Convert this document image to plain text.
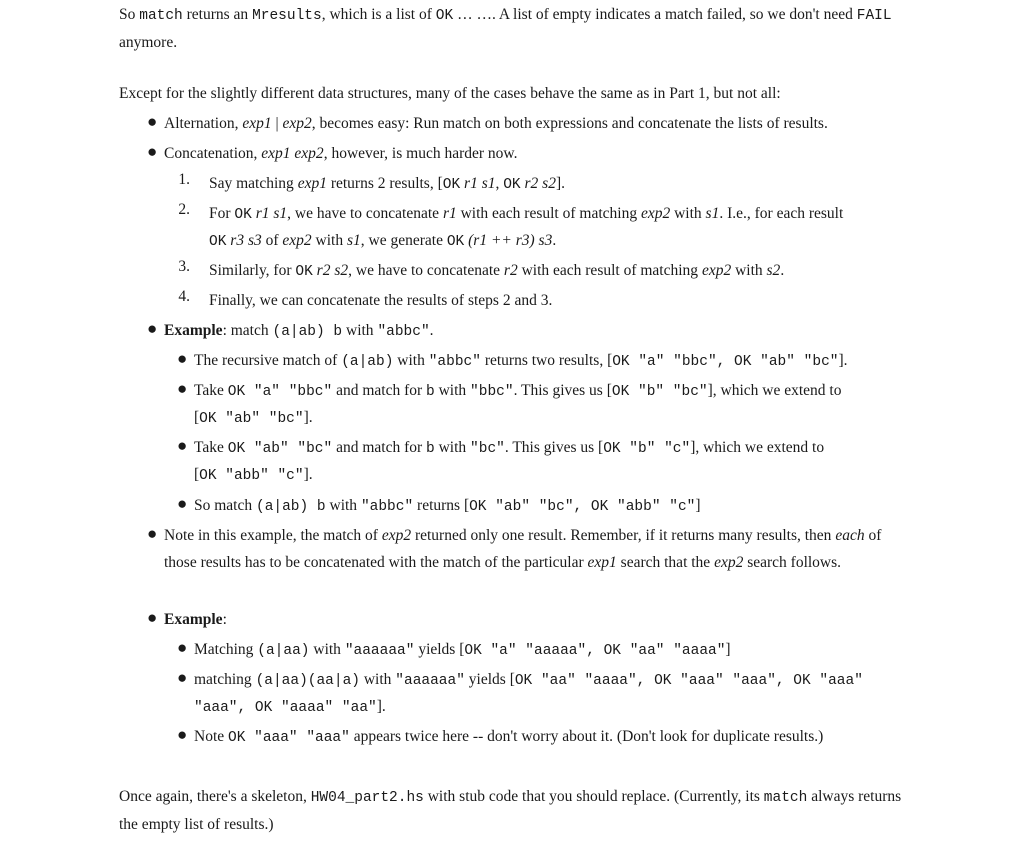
So match returns an Mresults, which is a list of OK … …. A list of empty indicates a match failed, so we don't need FAIL anymore.

Except for the slightly different data structures, many of the cases behave the same as in Part 1, but not all:

● Alternation, exp1 | exp2, becomes easy: Run match on both expressions and concatenate the lists of results.
● Concatenation, exp1 exp2, however, is much harder now.
1. Say matching exp1 returns 2 results, [OK r1 s1, OK r2 s2].
2. For OK r1 s1, we have to concatenate r1 with each result of matching exp2 with s1. I.e., for each result
OK r3 s3 of exp2 with s1, we generate OK (r1 ++ r3) s3.
3. Similarly, for OK r2 s2, we have to concatenate r2 with each result of matching exp2 with s2.
4. Finally, we can concatenate the results of steps 2 and 3.
● Example: match (a|ab) b with "abbc".
● The recursive match of (a|ab) with "abbc" returns two results, [OK "a" "bbc", OK "ab" "bc"].
● Take OK "a" "bbc" and match for b with "bbc". This gives us [OK "b" "bc"], which we extend to
[OK "ab" "bc"].
● Take OK "ab" "bc" and match for b with "bc". This gives us [OK "b" "c"], which we extend to
[OK "abb" "c"].
● So match (a|ab) b with "abbc" returns [OK "ab" "bc", OK "abb" "c"]
● Note in this example, the match of exp2 returned only one result. Remember, if it returns many results, then each of those results has to be concatenated with the match of the particular exp1 search that the exp2 search follows.
● Example:
● Matching (a|aa) with "aaaaaa" yields [OK "a" "aaaaa", OK "aa" "aaaa"]
● matching (a|aa)(aa|a) with "aaaaaa" yields [OK "aa" "aaaa", OK "aaa" "aaa", OK "aaa"
"aaa", OK "aaaa" "aa"].
● Note OK "aaa" "aaa" appears twice here -- don't worry about it. (Don't look for duplicate results.)

Once again, there's a skeleton, HW04_part2.hs with stub code that you should replace. (Currently, its match always returns the empty list of results.)
